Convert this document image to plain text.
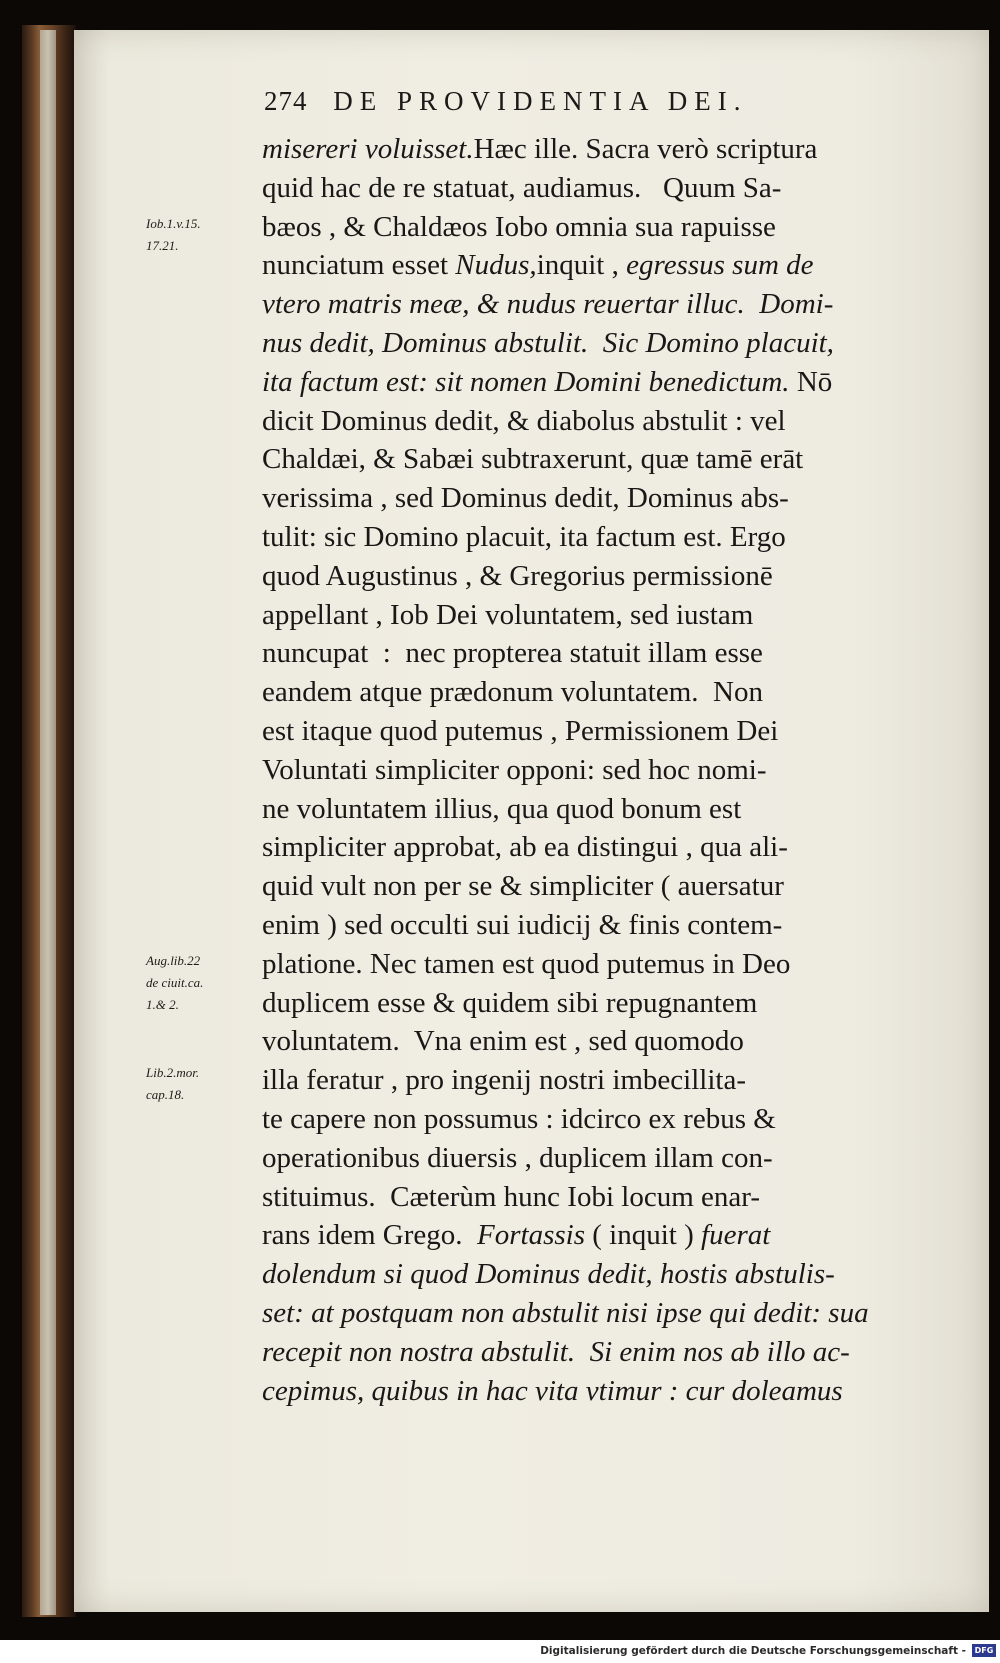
274 DE PROVIDENTIA DEI.
misereri voluisset.Hæc ille. Sacra verò scriptura
quid hac de re statuat, audiamus.   Quum Sa-
bæos , & Chaldæos Iobo omnia sua rapuisse
nunciatum esset Nudus,inquit , egressus sum de
vtero matris meæ, & nudus reuertar illuc.  Domi-
nus dedit, Dominus abstulit.  Sic Domino placuit,
ita factum est: sit nomen Domini benedictum. Nō
dicit Dominus dedit, & diabolus abstulit : vel
Chaldæi, & Sabæi subtraxerunt, quæ tamē erāt
verissima , sed Dominus dedit, Dominus abs-
tulit: sic Domino placuit, ita factum est. Ergo
quod Augustinus , & Gregorius permissionē
appellant , Iob Dei voluntatem, sed iustam
nuncupat  :  nec propterea statuit illam esse
eandem atque prædonum voluntatem.  Non
est itaque quod putemus , Permissionem Dei
Voluntati simpliciter opponi: sed hoc nomi-
ne voluntatem illius, qua quod bonum est
simpliciter approbat, ab ea distingui , qua ali-
quid vult non per se & simpliciter ( auersatur
enim ) sed occulti sui iudicij & finis contem-
platione. Nec tamen est quod putemus in Deo
duplicem esse & quidem sibi repugnantem
voluntatem.  Vna enim est , sed quomodo
illa feratur , pro ingenij nostri imbecillita-
te capere non possumus : idcirco ex rebus &
operationibus diuersis , duplicem illam con-
stituimus.  Cæterùm hunc Iobi locum enar-
rans idem Grego.  Fortassis ( inquit ) fuerat
dolendum si quod Dominus dedit, hostis abstulis-
set: at postquam non abstulit nisi ipse qui dedit: sua
recepit non nostra abstulit.  Si enim nos ab illo ac-
cepimus, quibus in hac vita vtimur : cur doleamus
Iob.1.v.15.
17.21.
Aug.lib.22
de ciuit.ca.
1.& 2.
Lib.2.mor.
cap.18.
Digitalisierung gefördert durch die Deutsche Forschungsgemeinschaft -	DFG
